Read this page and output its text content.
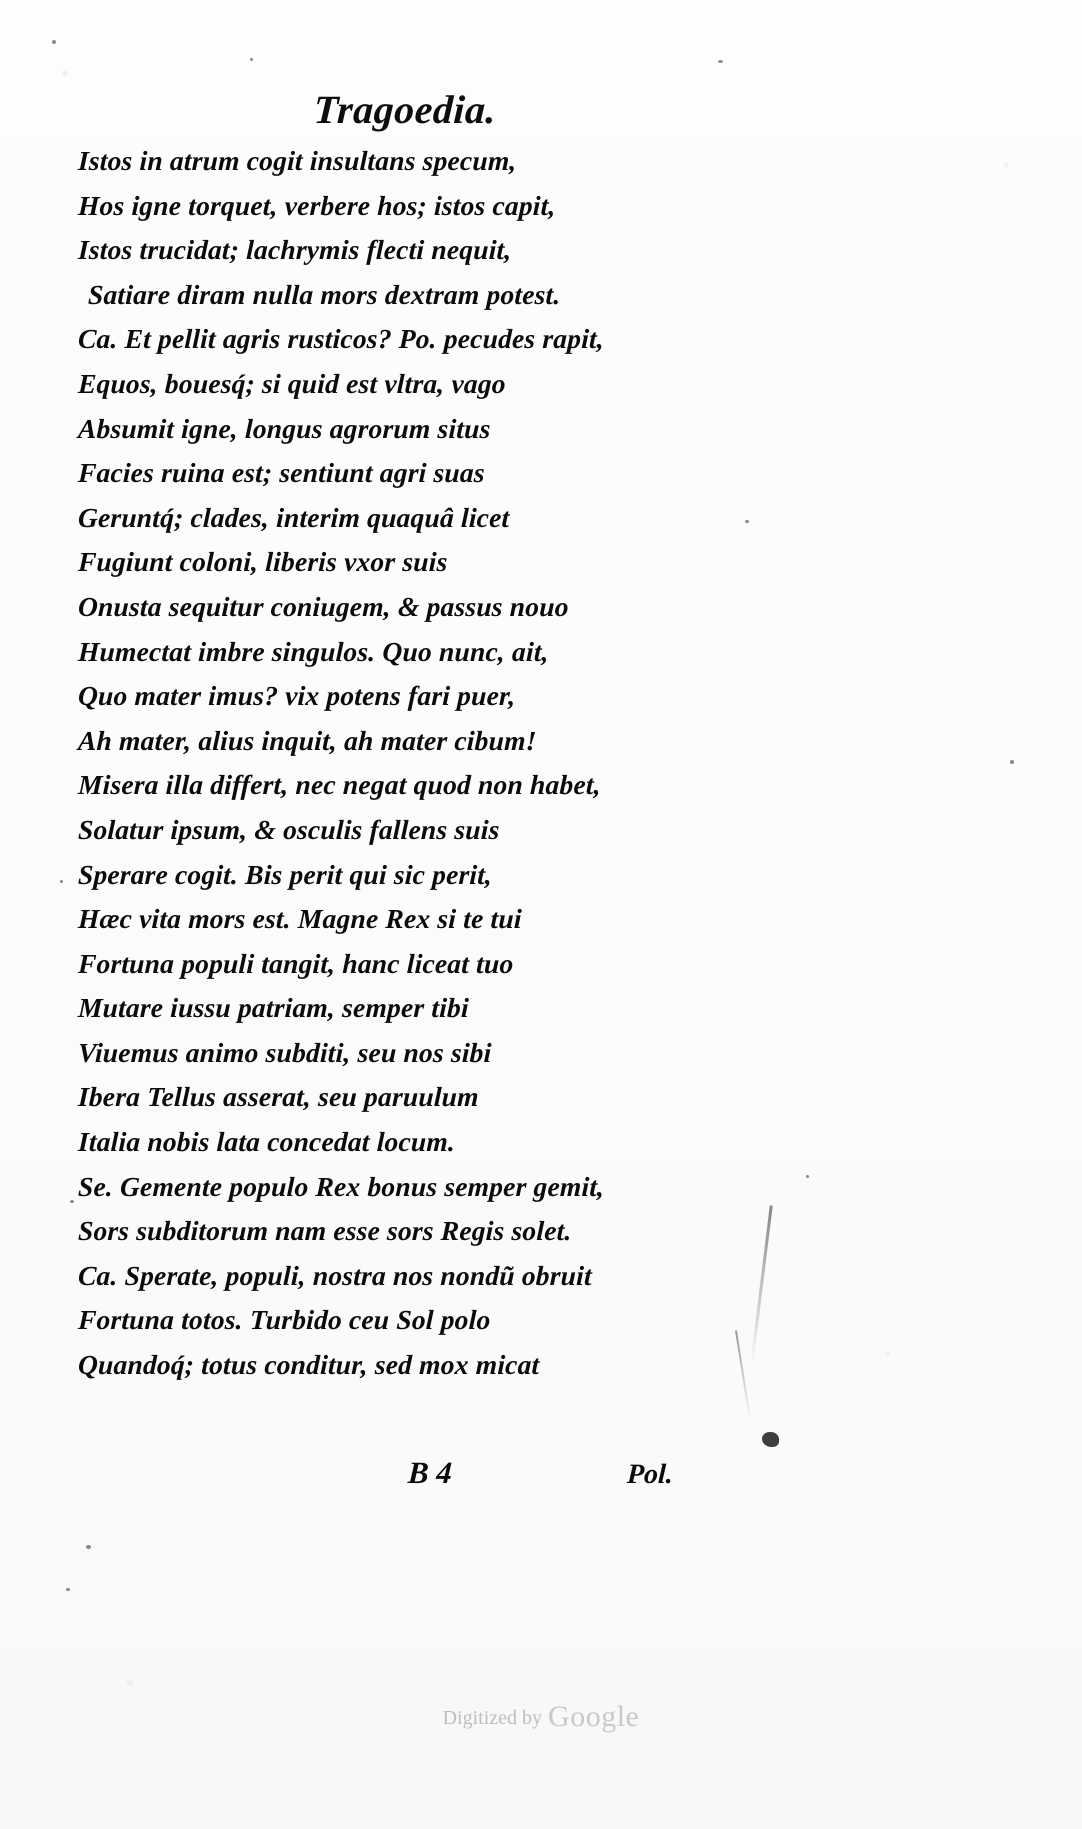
Tragoedia.
Istos in atrum cogit insultans specum,
Hos igne torquet, verbere hos; istos capit,
Istos trucidat; lachrymis flecti nequit,
Satiare diram nulla mors dextram potest.
Ca. Et pellit agris rusticos? Po. pecudes rapit,
Equos, bouesq́; si quid est vltra, vago
Absumit igne, longus agrorum situs
Facies ruina est; sentiunt agri suas
Geruntq́; clades, interim quaquâ licet
Fugiunt coloni, liberis vxor suis
Onusta sequitur coniugem, & passus nouo
Humectat imbre singulos. Quo nunc, ait,
Quo mater imus? vix potens fari puer,
Ah mater, alius inquit, ah mater cibum!
Misera illa differt, nec negat quod non habet,
Solatur ipsum, & osculis fallens suis
Sperare cogit. Bis perit qui sic perit,
Hæc vita mors est. Magne Rex si te tui
Fortuna populi tangit, hanc liceat tuo
Mutare iussu patriam, semper tibi
Viuemus animo subditi, seu nos sibi
Ibera Tellus asserat, seu paruulum
Italia nobis lata concedat locum.
Se. Gemente populo Rex bonus semper gemit,
Sors subditorum nam esse sors Regis solet.
Ca. Sperate, populi, nostra nos nondũ obruit
Fortuna totos. Turbido ceu Sol polo
Quandoq́; totus conditur, sed mox micat
B 4	Pol.
Digitized by Google
